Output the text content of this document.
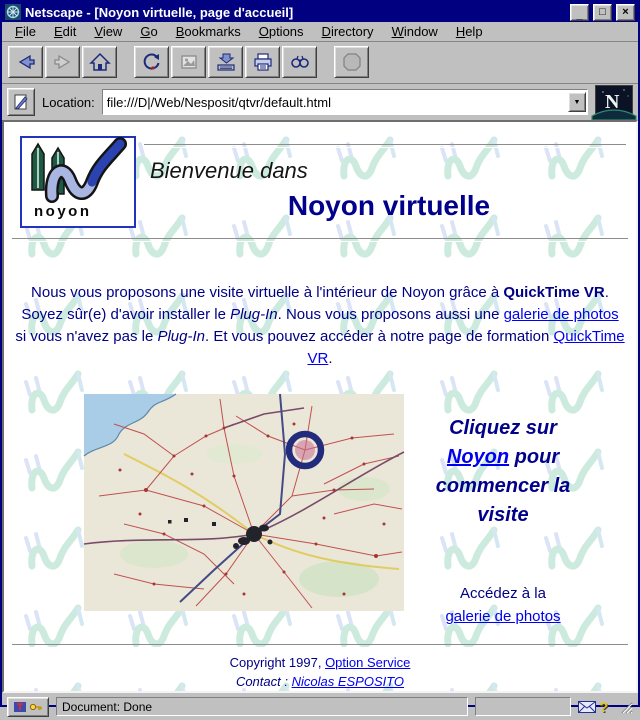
Netscape - [Noyon virtuelle, page d'accueil]	_ □ ×
File	Edit	View	Go	Bookmarks	Options	Directory	Window	Help
Location:
file:///D|/Web/Nesposit/qtvr/default.html	▼ N
noyon
Bienvenue dans
Noyon virtuelle
Nous vous proposons une visite virtuelle à l'intérieur de Noyon grâce à QuickTime VR. Soyez sûr(e) d'avoir installer le Plug-In. Nous vous proposons aussi une galerie de photos si vous n'avez pas le Plug-In. Et vous pouvez accéder à notre page de formation QuickTime VR.
Cliquez sur Noyon pour commencer la visite
Accédez à la
galerie de photos
Copyright 1997, Option Service
Contact : Nicolas ESPOSITO
Document: Done	?
